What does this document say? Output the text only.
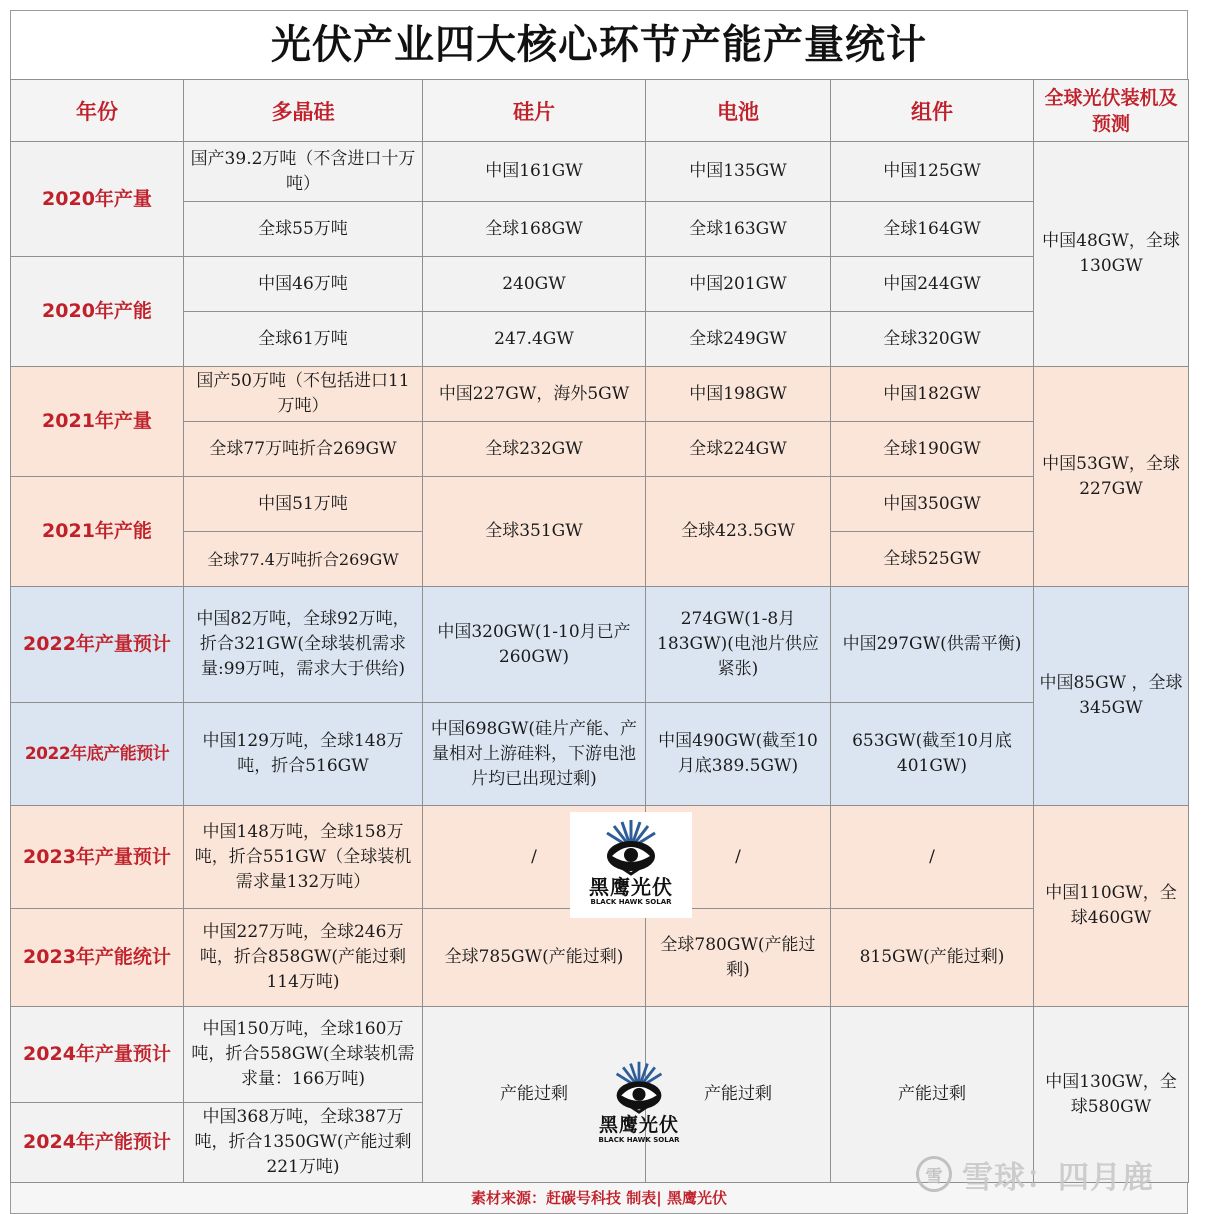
光伏产业四大核心环节产能产量统计
年份	多晶硅	硅片	电池	组件	全球光伏装机及预测
2020年产量	国产39.2万吨（不含进口十万吨）	中国161GW	中国135GW	中国125GW	中国48GW，全球130GW
	全球55万吨	全球168GW	全球163GW	全球164GW	
2020年产能	中国46万吨	240GW	中国201GW	中国244GW	
	全球61万吨	247.4GW	全球249GW	全球320GW	
2021年产量	国产50万吨（不包括进口11万吨）	中国227GW，海外5GW	中国198GW	中国182GW	中国53GW，全球227GW
	全球77万吨折合269GW	全球232GW	全球224GW	全球190GW	
2021年产能	中国51万吨	全球351GW	全球423.5GW	中国350GW	
	全球77.4万吨折合269GW			全球525GW	
2022年产量预计	中国82万吨，全球92万吨，折合321GW(全球装机需求量:99万吨，需求大于供给)	中国320GW(1-10月已产260GW)	274GW(1-8月183GW)(电池片供应紧张)	中国297GW(供需平衡)	中国85GW ，全球345GW
2022年底产能预计	中国129万吨，全球148万吨，折合516GW	中国698GW(硅片产能、产量相对上游硅料，下游电池片均已出现过剩)	中国490GW(截至10月底389.5GW)	653GW(截至10月底401GW)	
2023年产量预计	中国148万吨，全球158万吨，折合551GW（全球装机需求量132万吨）	/	/	/	中国110GW，全球460GW
2023年产能统计	中国227万吨，全球246万吨，折合858GW(产能过剩114万吨)	全球785GW(产能过剩)	全球780GW(产能过剩)	815GW(产能过剩)	
2024年产量预计	中国150万吨，全球160万吨，折合558GW(全球装机需求量：166万吨)	产能过剩	产能过剩	产能过剩	中国130GW，全球580GW
2024年产能预计	中国368万吨，全球387万吨，折合1350GW(产能过剩221万吨)				
素材来源：赶碳号科技 制表| 黑鹰光伏
黑鹰光伏
BLACK HAWK SOLAR
黑鹰光伏
BLACK HAWK SOLAR
雪 雪球：四月鹿
